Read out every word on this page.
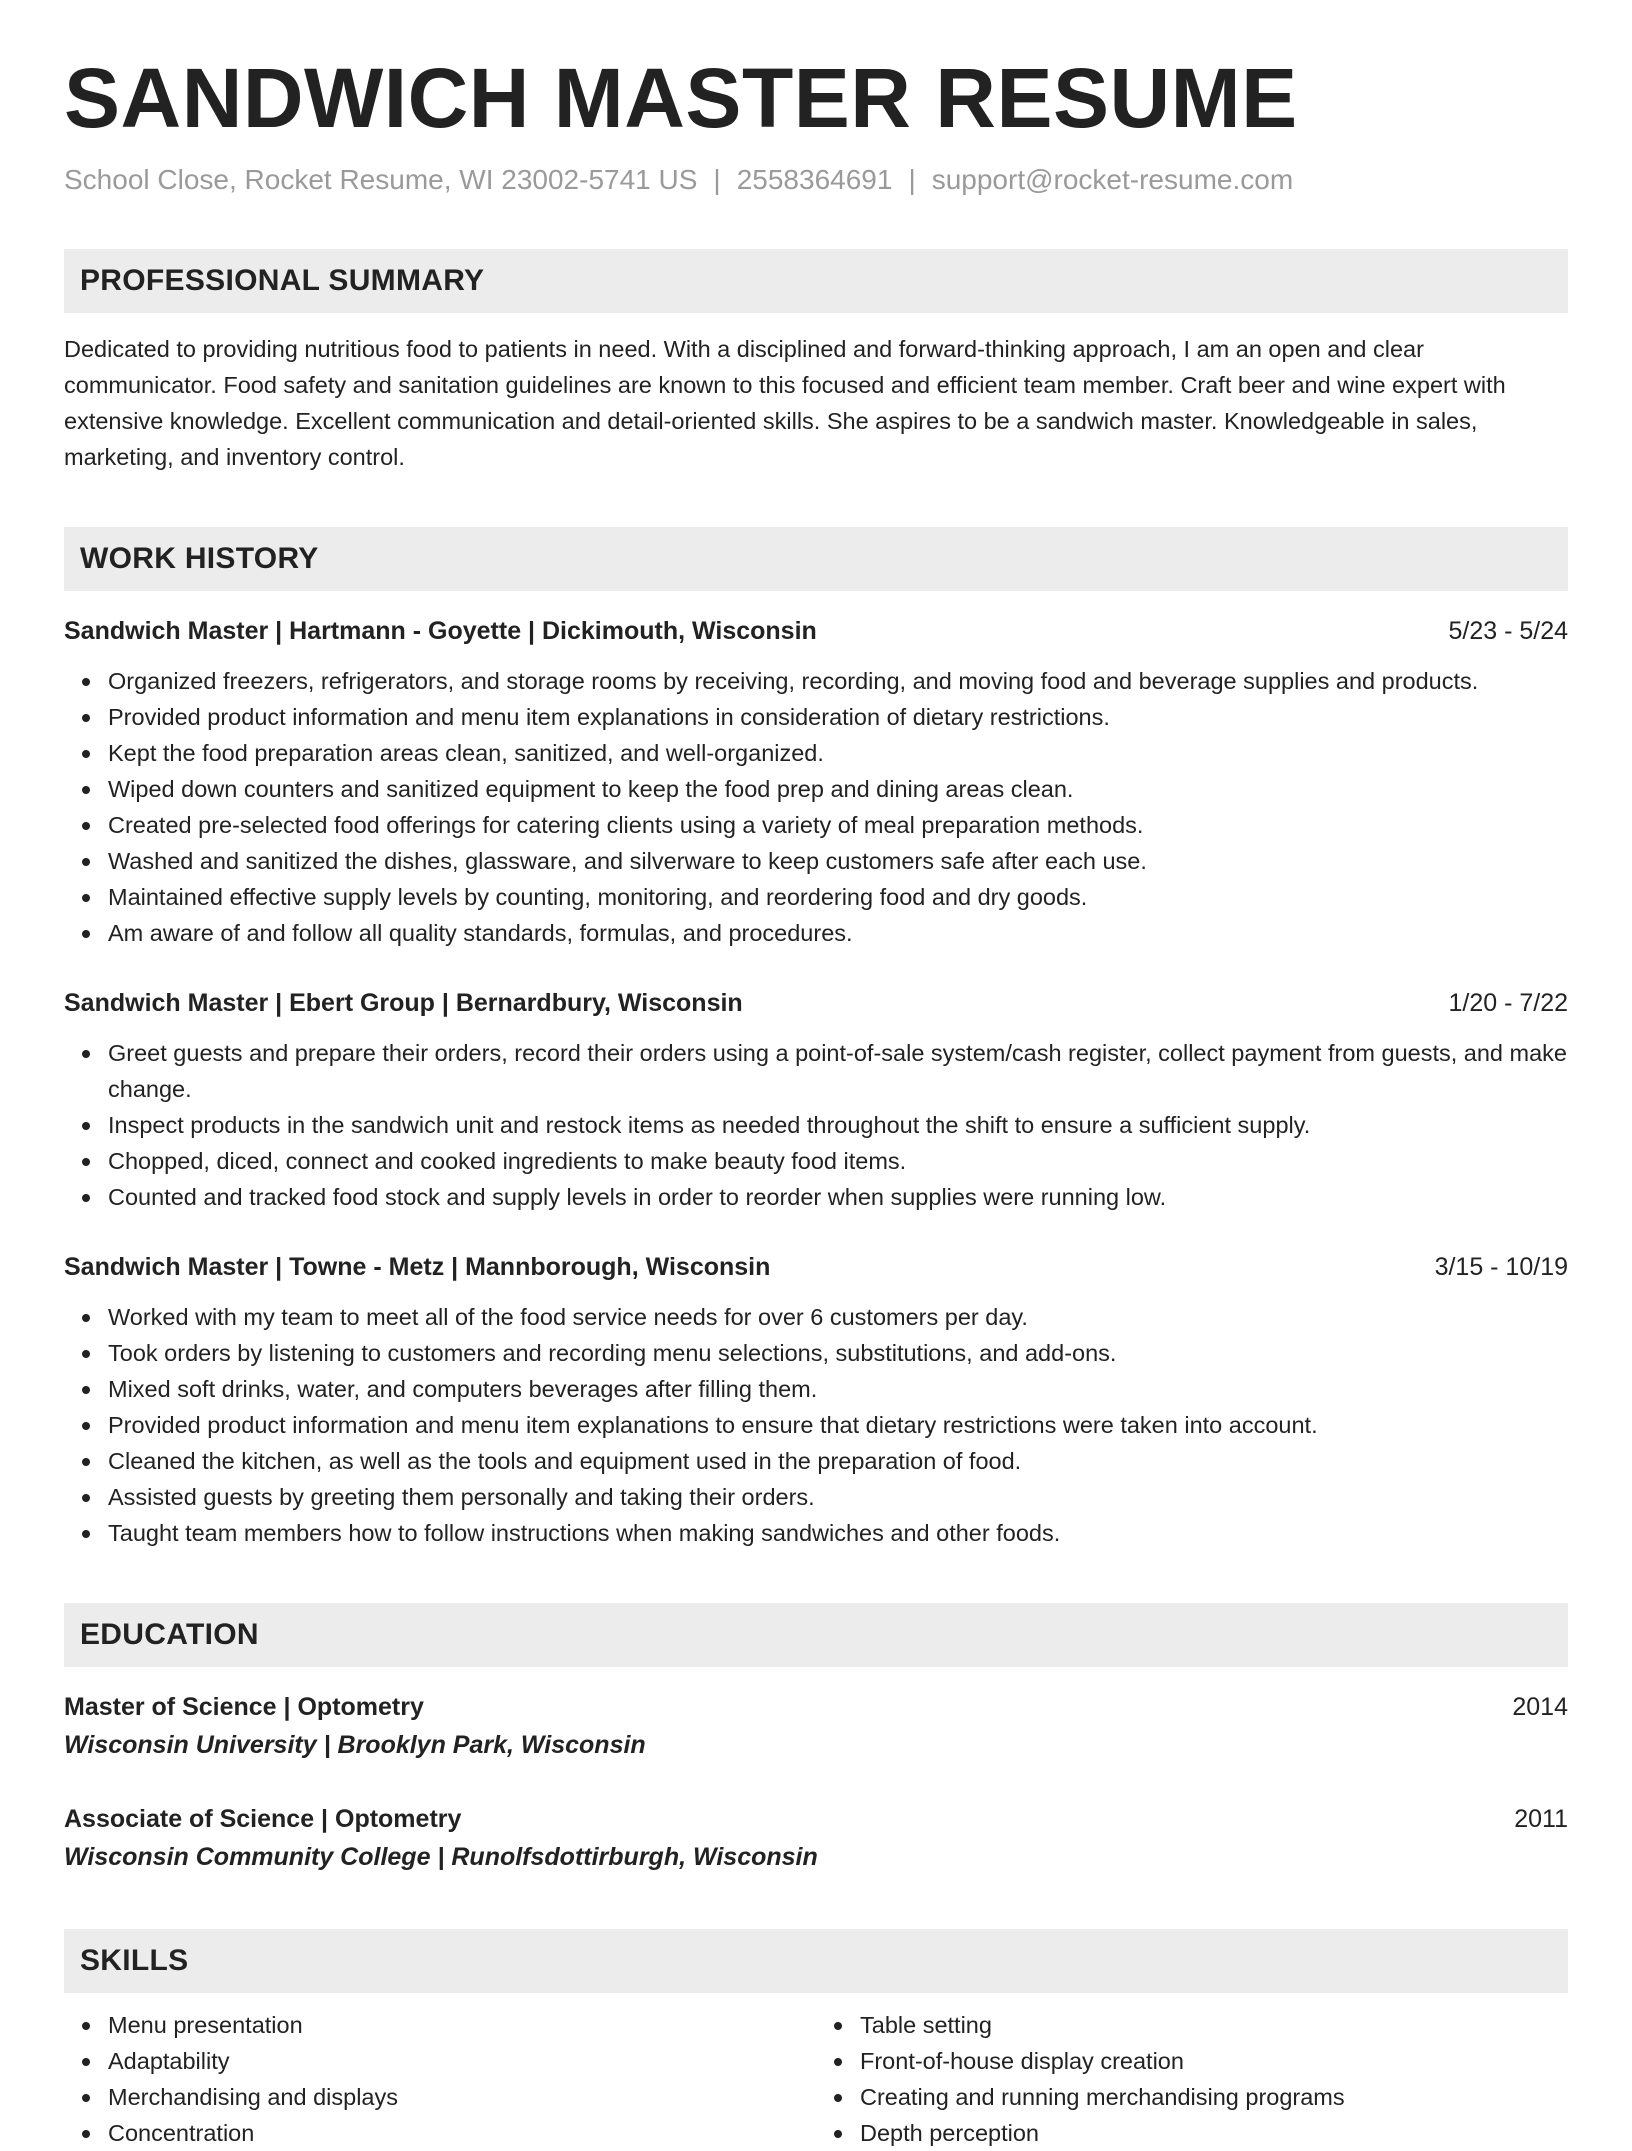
SANDWICH MASTER RESUME
School Close, Rocket Resume, WI 23002-5741 US | 2558364691 | support@rocket-resume.com
PROFESSIONAL SUMMARY
Dedicated to providing nutritious food to patients in need. With a disciplined and forward-thinking approach, I am an open and clear communicator. Food safety and sanitation guidelines are known to this focused and efficient team member. Craft beer and wine expert with extensive knowledge. Excellent communication and detail-oriented skills. She aspires to be a sandwich master. Knowledgeable in sales, marketing, and inventory control.
WORK HISTORY
Sandwich Master | Hartmann - Goyette | Dickimouth, Wisconsin	5/23 - 5/24
Organized freezers, refrigerators, and storage rooms by receiving, recording, and moving food and beverage supplies and products.
Provided product information and menu item explanations in consideration of dietary restrictions.
Kept the food preparation areas clean, sanitized, and well-organized.
Wiped down counters and sanitized equipment to keep the food prep and dining areas clean.
Created pre-selected food offerings for catering clients using a variety of meal preparation methods.
Washed and sanitized the dishes, glassware, and silverware to keep customers safe after each use.
Maintained effective supply levels by counting, monitoring, and reordering food and dry goods.
Am aware of and follow all quality standards, formulas, and procedures.
Sandwich Master | Ebert Group | Bernardbury, Wisconsin	1/20 - 7/22
Greet guests and prepare their orders, record their orders using a point-of-sale system/cash register, collect payment from guests, and make change.
Inspect products in the sandwich unit and restock items as needed throughout the shift to ensure a sufficient supply.
Chopped, diced, connect and cooked ingredients to make beauty food items.
Counted and tracked food stock and supply levels in order to reorder when supplies were running low.
Sandwich Master | Towne - Metz | Mannborough, Wisconsin	3/15 - 10/19
Worked with my team to meet all of the food service needs for over 6 customers per day.
Took orders by listening to customers and recording menu selections, substitutions, and add-ons.
Mixed soft drinks, water, and computers beverages after filling them.
Provided product information and menu item explanations to ensure that dietary restrictions were taken into account.
Cleaned the kitchen, as well as the tools and equipment used in the preparation of food.
Assisted guests by greeting them personally and taking their orders.
Taught team members how to follow instructions when making sandwiches and other foods.
EDUCATION
Master of Science | Optometry	2014
Wisconsin University | Brooklyn Park, Wisconsin
Associate of Science | Optometry	2011
Wisconsin Community College | Runolfsdottirburgh, Wisconsin
SKILLS
Menu presentation
Adaptability
Merchandising and displays
Concentration
Table setting
Front-of-house display creation
Creating and running merchandising programs
Depth perception
